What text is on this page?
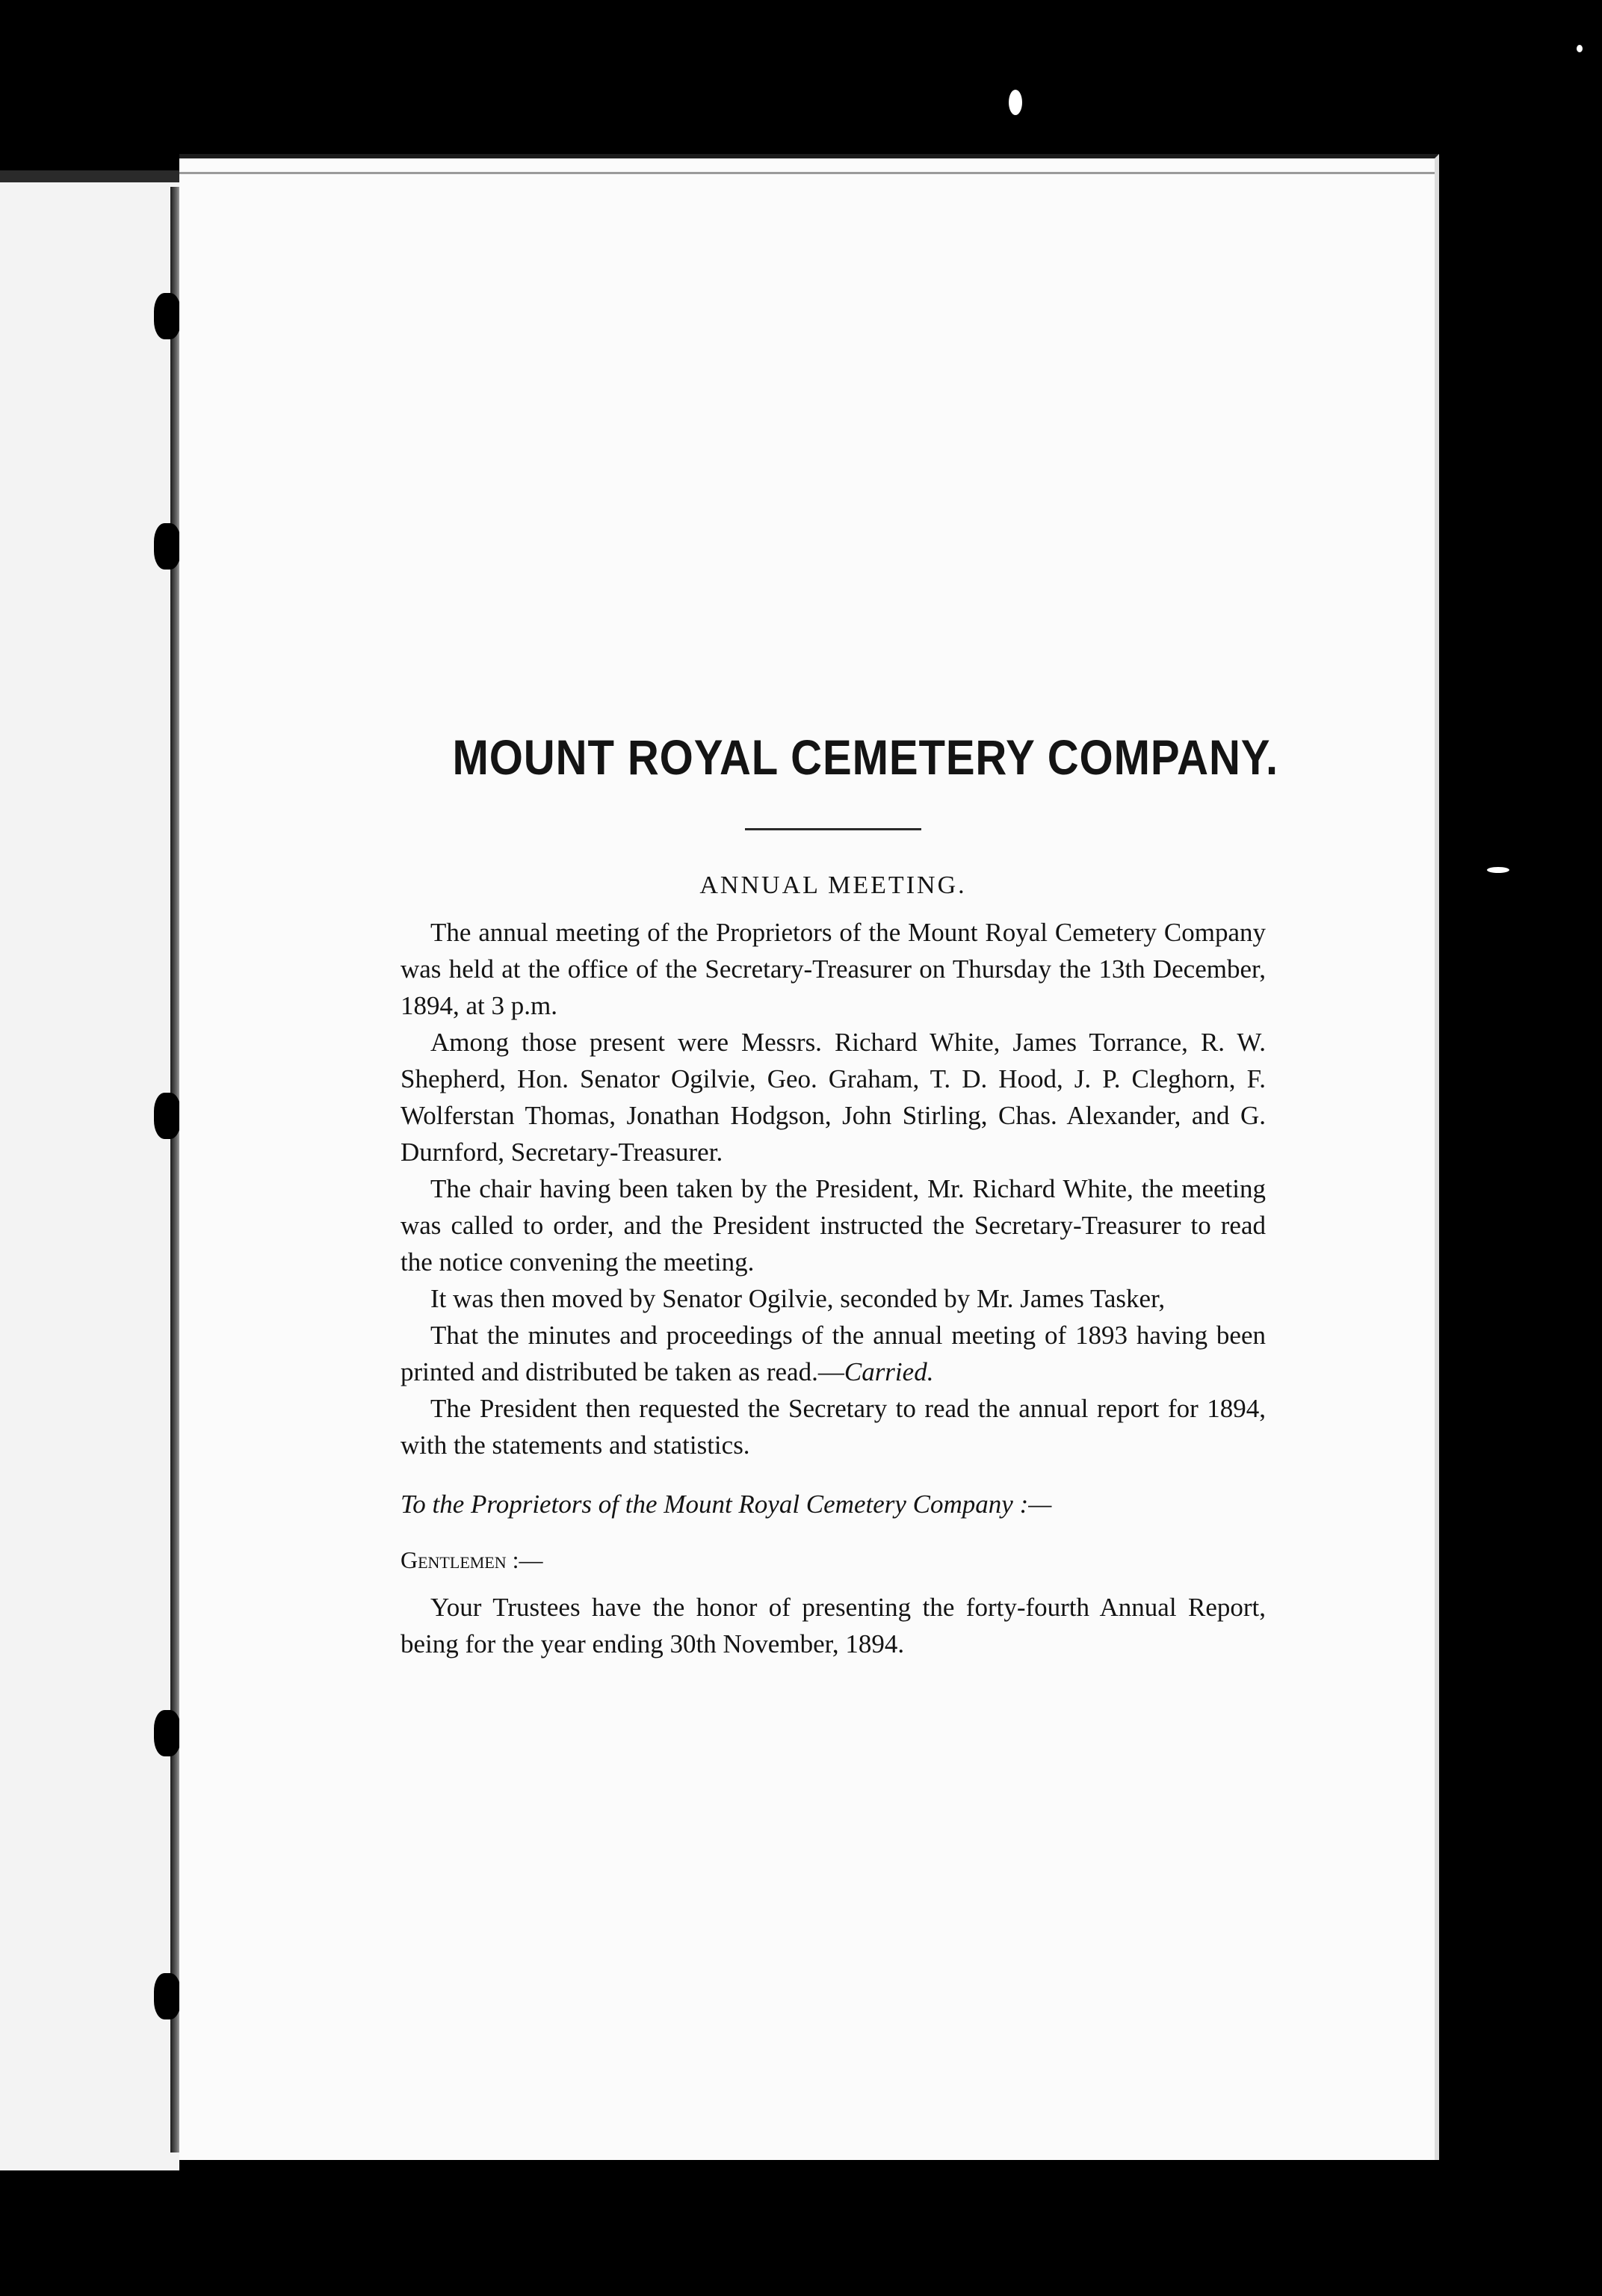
MOUNT ROYAL CEMETERY COMPANY.
ANNUAL MEETING.

The annual meeting of the Proprietors of the Mount Royal Cemetery Company was held at the office of the Secretary-Treasurer on Thursday the 13th December, 1894, at 3 p.m.

Among those present were Messrs. Richard White, James Torrance, R. W. Shepherd, Hon. Senator Ogilvie, Geo. Graham, T. D. Hood, J. P. Cleghorn, F. Wolferstan Thomas, Jonathan Hodgson, John Stirling, Chas. Alexander, and G. Durnford, Secretary-Treasurer.

The chair having been taken by the President, Mr. Richard White, the meeting was called to order, and the President instructed the Secretary-Treasurer to read the notice convening the meeting.

It was then moved by Senator Ogilvie, seconded by Mr. James Tasker,

That the minutes and proceedings of the annual meeting of 1893 having been printed and distributed be taken as read.—Carried.

The President then requested the Secretary to read the annual report for 1894, with the statements and statistics.

To the Proprietors of the Mount Royal Cemetery Company :—

Gentlemen :—

Your Trustees have the honor of presenting the forty-fourth Annual Report, being for the year ending 30th November, 1894.
